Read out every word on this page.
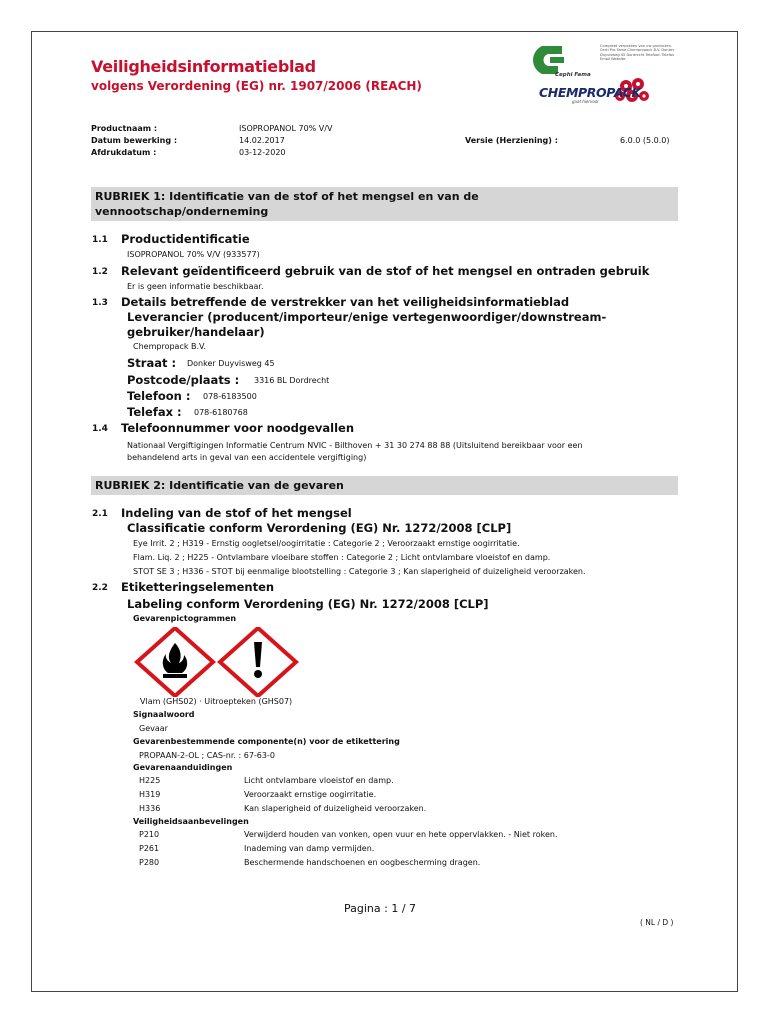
Veiligheidsinformatieblad
volgens Verordening (EG) nr. 1907/2006 (REACH)
Compleet verpakken van uw producten. Certi Pro Fame Chempropack B.V. Donker Duyvisweg 45 Dordrecht Telefoon Telefax Email Website
Cephi Fama
CHEMPROPACK
gaat hiervoor
Productnaam :	ISOPROPANOL 70% V/V
Datum bewerking :	14.02.2017
Afdrukdatum :	03-12-2020
Versie (Herziening) :	6.0.0 (5.0.0)
RUBRIEK 1: Identificatie van de stof of het mengsel en van de
vennootschap/onderneming
1.1 Productidentificatie
ISOPROPANOL 70% V/V (933577)
1.2 Relevant geïdentificeerd gebruik van de stof of het mengsel en ontraden gebruik
Er is geen informatie beschikbaar.
1.3 Details betreffende de verstrekker van het veiligheidsinformatieblad
Leverancier (producent/importeur/enige vertegenwoordiger/downstream-
gebruiker/handelaar)
Chempropack B.V.
Straat : Donker Duyvisweg 45
Postcode/plaats : 3316 BL Dordrecht
Telefoon : 078-6183500
Telefax : 078-6180768
1.4 Telefoonnummer voor noodgevallen
Nationaal Vergiftigingen Informatie Centrum NVIC - Bilthoven + 31 30 274 88 88 (Uitsluitend bereikbaar voor een
behandelend arts in geval van een accidentele vergiftiging)
RUBRIEK 2: Identificatie van de gevaren
2.1 Indeling van de stof of het mengsel
Classificatie conform Verordening (EG) Nr. 1272/2008 [CLP]
Eye Irrit. 2 ; H319 - Ernstig oogletsel/oogirritatie : Categorie 2 ; Veroorzaakt ernstige oogirritatie.
Flam. Liq. 2 ; H225 - Ontvlambare vloeibare stoffen : Categorie 2 ; Licht ontvlambare vloeistof en damp.
STOT SE 3 ; H336 - STOT bij eenmalige blootstelling : Categorie 3 ; Kan slaperigheid of duizeligheid veroorzaken.
2.2 Etiketteringselementen
Labeling conform Verordening (EG) Nr. 1272/2008 [CLP]
Gevarenpictogrammen
Vlam (GHS02) · Uitroepteken (GHS07)
Signaalwoord
Gevaar
Gevarenbestemmende componente(n) voor de etikettering
PROPAAN-2-OL ; CAS-nr. : 67-63-0
Gevarenaanduidingen
H225	Licht ontvlambare vloeistof en damp.
H319	Veroorzaakt ernstige oogirritatie.
H336	Kan slaperigheid of duizeligheid veroorzaken.
Veiligheidsaanbevelingen
P210	Verwijderd houden van vonken, open vuur en hete oppervlakken. - Niet roken.
P261	Inademing van damp vermijden.
P280	Beschermende handschoenen en oogbescherming dragen.
Pagina : 1 / 7
( NL / D )
